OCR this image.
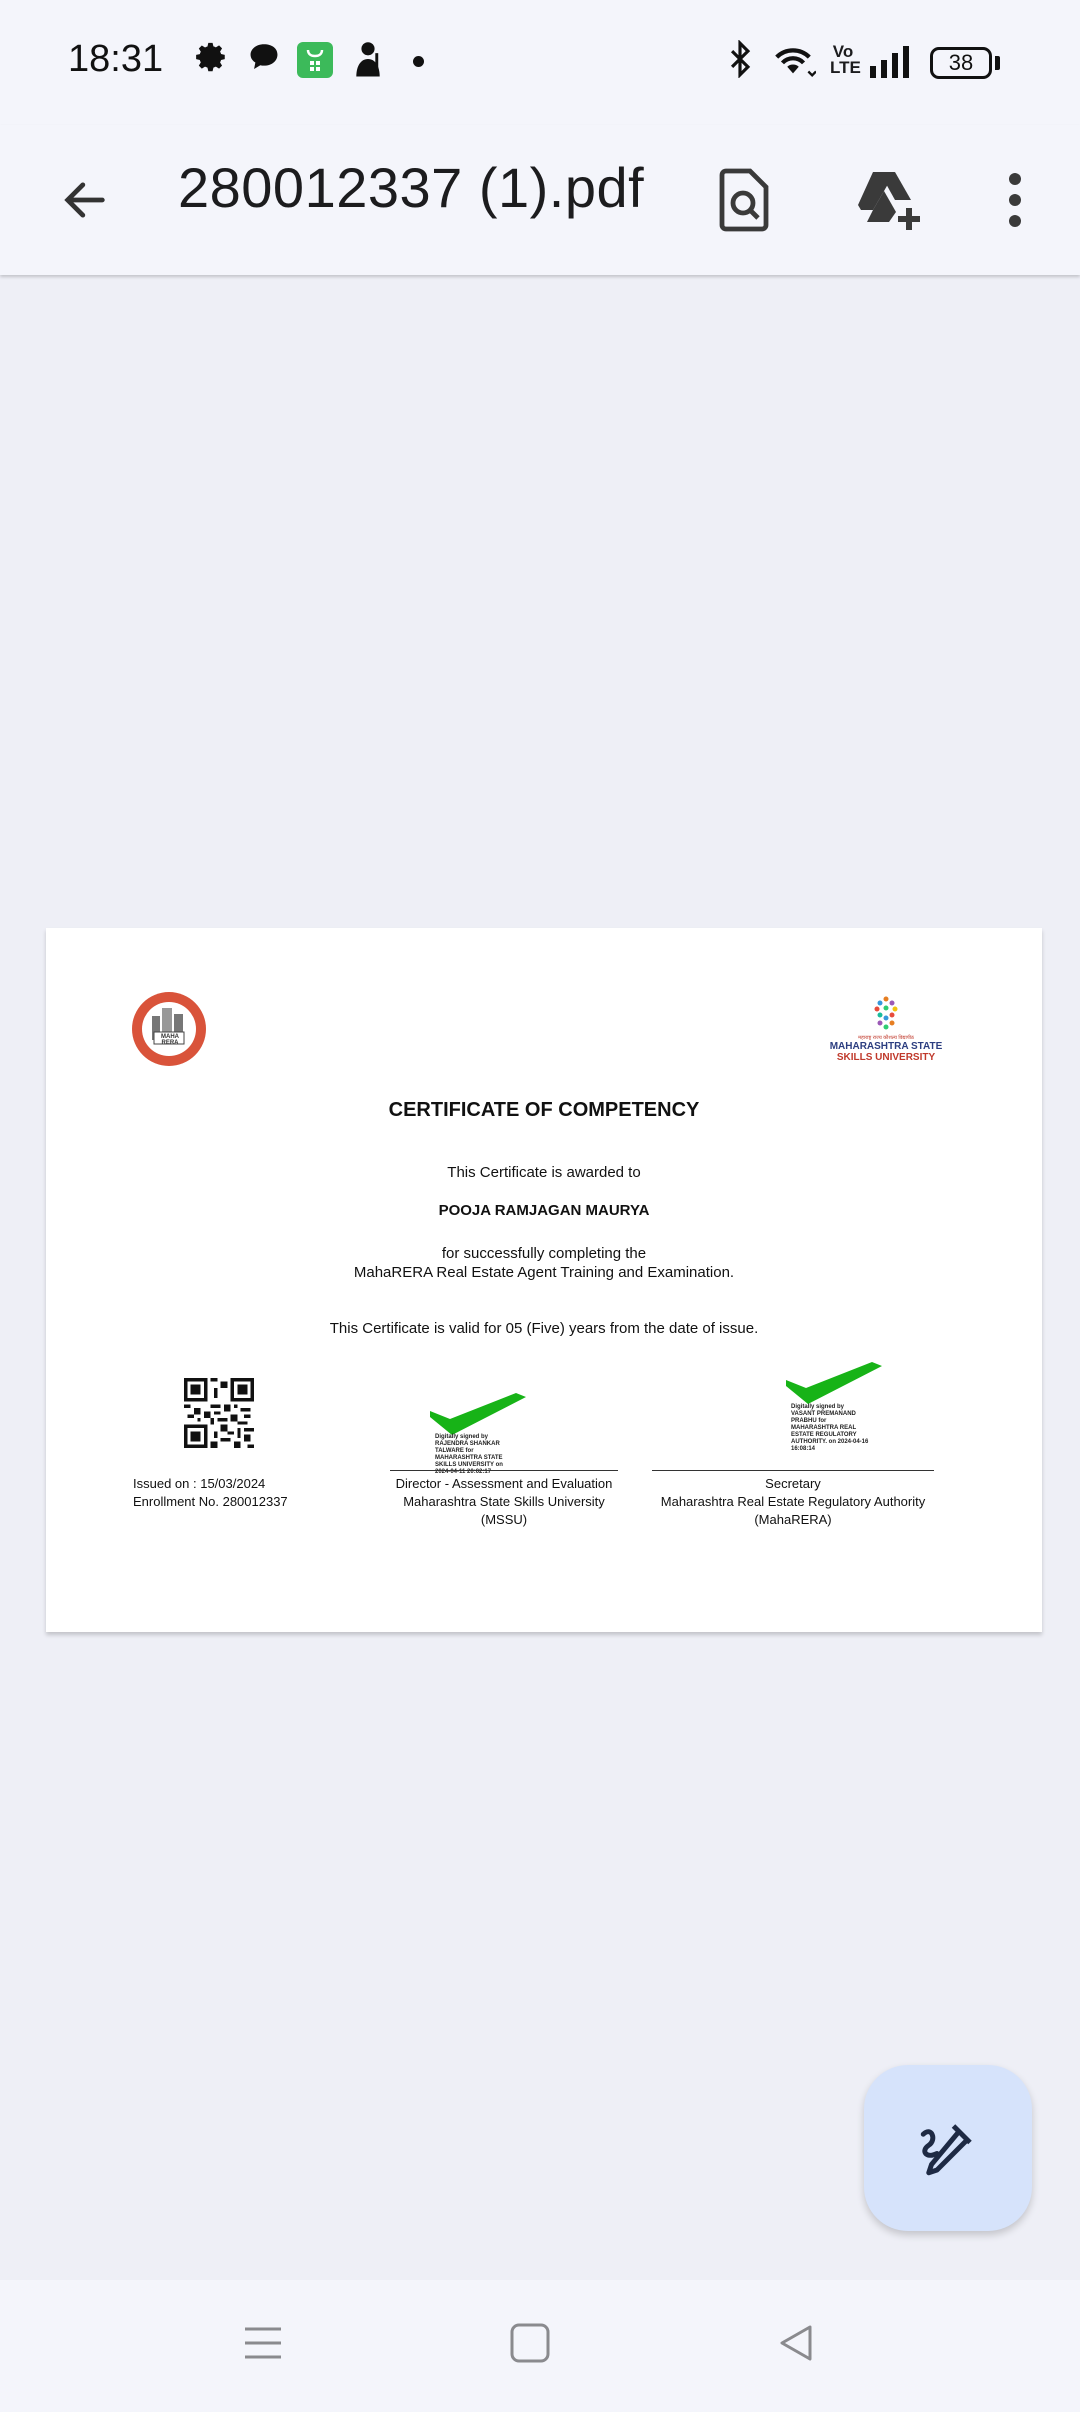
18:31	Vo LTE	38
280012337 (1).pdf
MAHA RERA
महाराष्ट्र राज्य कौशल्य विद्यापीठ
MAHARASHTRA STATE
SKILLS UNIVERSITY
CERTIFICATE OF COMPETENCY
This Certificate is awarded to
POOJA RAMJAGAN MAURYA
for successfully completing the
MahaRERA Real Estate Agent Training and Examination.
This Certificate is valid for 05 (Five) years from the date of issue.
Issued on : 15/03/2024
Enrollment No. 280012337
Digitally signed by
RAJENDRA SHANKAR
TALWARE for
MAHARASHTRA STATE
SKILLS UNIVERSITY on
2024-04-11 20:02:17
Director - Assessment and Evaluation
Maharashtra State Skills University
(MSSU)
Digitally signed by
VASANT PREMANAND
PRABHU for
MAHARASHTRA REAL
ESTATE REGULATORY
AUTHORITY. on 2024-04-16
16:08:14
Secretary
Maharashtra Real Estate Regulatory Authority
(MahaRERA)
